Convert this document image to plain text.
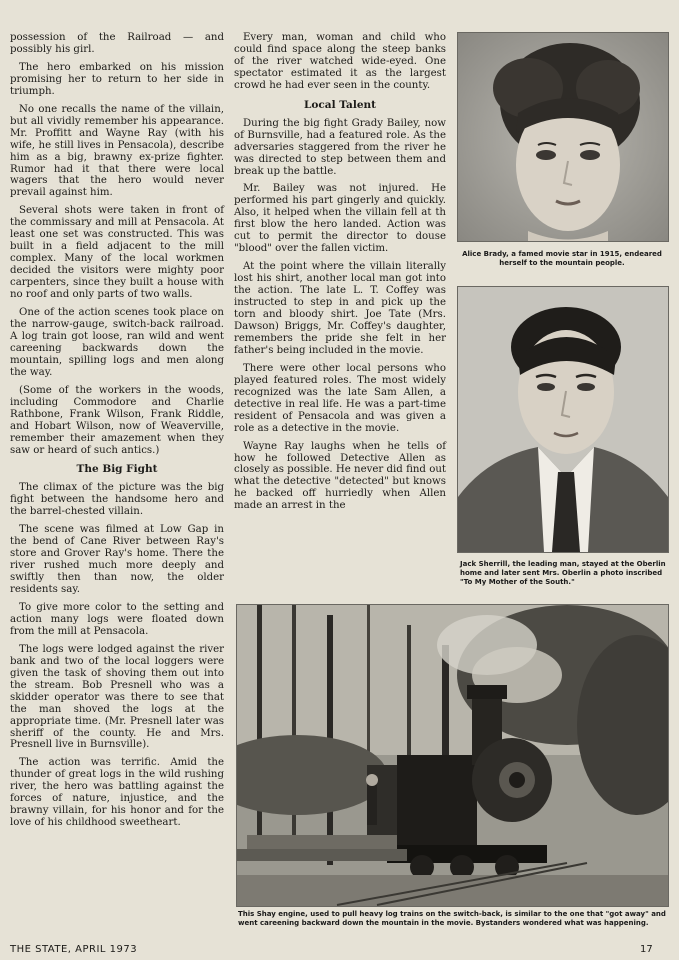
possession of the Railroad — and possibly his girl.

The hero embarked on his mission promising her to return to her side in triumph.

No one recalls the name of the villain, but all vividly remember his appearance. Mr. Proffitt and Wayne Ray (with his wife, he still lives in Pensacola), describe him as a big, brawny ex-prize fighter. Rumor had it that there were local wagers that the hero would never prevail against him.

Several shots were taken in front of the commissary and mill at Pensacola. At least one set was constructed. This was built in a field adjacent to the mill complex. Many of the local workmen decided the visitors were mighty poor carpenters, since they built a house with no roof and only parts of two walls.

One of the action scenes took place on the narrow-gauge, switch-back railroad. A log train got loose, ran wild and went careening backwards down the mountain, spilling logs and men along the way.

(Some of the workers in the woods, including Commodore and Charlie Rathbone, Frank Wilson, Frank Riddle, and Hobart Wilson, now of Weaverville, remember their amazement when they saw or heard of such antics.)

The Big Fight

The climax of the picture was the big fight between the handsome hero and the barrel-chested villain.

The scene was filmed at Low Gap in the bend of Cane River between Ray's store and Grover Ray's home. There the river rushed much more deeply and swiftly then than now, the older residents say.

To give more color to the setting and action many logs were floated down from the mill at Pensacola.

The logs were lodged against the river bank and two of the local loggers were given the task of shoving them out into the stream. Bob Presnell who was a skidder operator was there to see that the man shoved the logs at the appropriate time. (Mr. Presnell later was sheriff of the county. He and Mrs. Presnell live in Burnsville).

The action was terrific. Amid the thunder of great logs in the wild rushing river, the hero was battling against the forces of nature, injustice, and the brawny villain, for his honor and for the love of his childhood sweetheart.

Every man, woman and child who could find space along the steep banks of the river watched wide-eyed. One spectator estimated it as the largest crowd he had ever seen in the county.

Local Talent

During the big fight Grady Bailey, now of Burnsville, had a featured role. As the adversaries staggered from the river he was directed to step between them and break up the battle.

Mr. Bailey was not injured. He performed his part gingerly and quickly. Also, it helped when the villain fell at th first blow the hero landed. Action was cut to permit the director to douse "blood" over the fallen victim.

At the point where the villain literally lost his shirt, another local man got into the action. The late L. T. Coffey was instructed to step in and pick up the torn and bloody shirt. Joe Tate (Mrs. Dawson) Briggs, Mr. Coffey's daughter, remembers the pride she felt in her father's being included in the movie.

There were other local persons who played featured roles. The most widely recognized was the late Sam Allen, a detective in real life. He was a part-time resident of Pensacola and was given a role as a detective in the movie.

Wayne Ray laughs when he tells of how he followed Detective Allen as closely as possible. He never did find out what the detective "detected" but knows he backed off hurriedly when Allen made an arrest in the

Alice Brady, a famed movie star in 1915, endeared herself to the mountain people.
Jack Sherrill, the leading man, stayed at the Oberlin home and later sent Mrs. Oberlin a photo inscribed "To My Mother of the South."
This Shay engine, used to pull heavy log trains on the switch-back, is similar to the one that "got away" and went careening backward down the mountain in the movie. Bystanders wondered what was happening.
THE STATE, APRIL 1973	17
